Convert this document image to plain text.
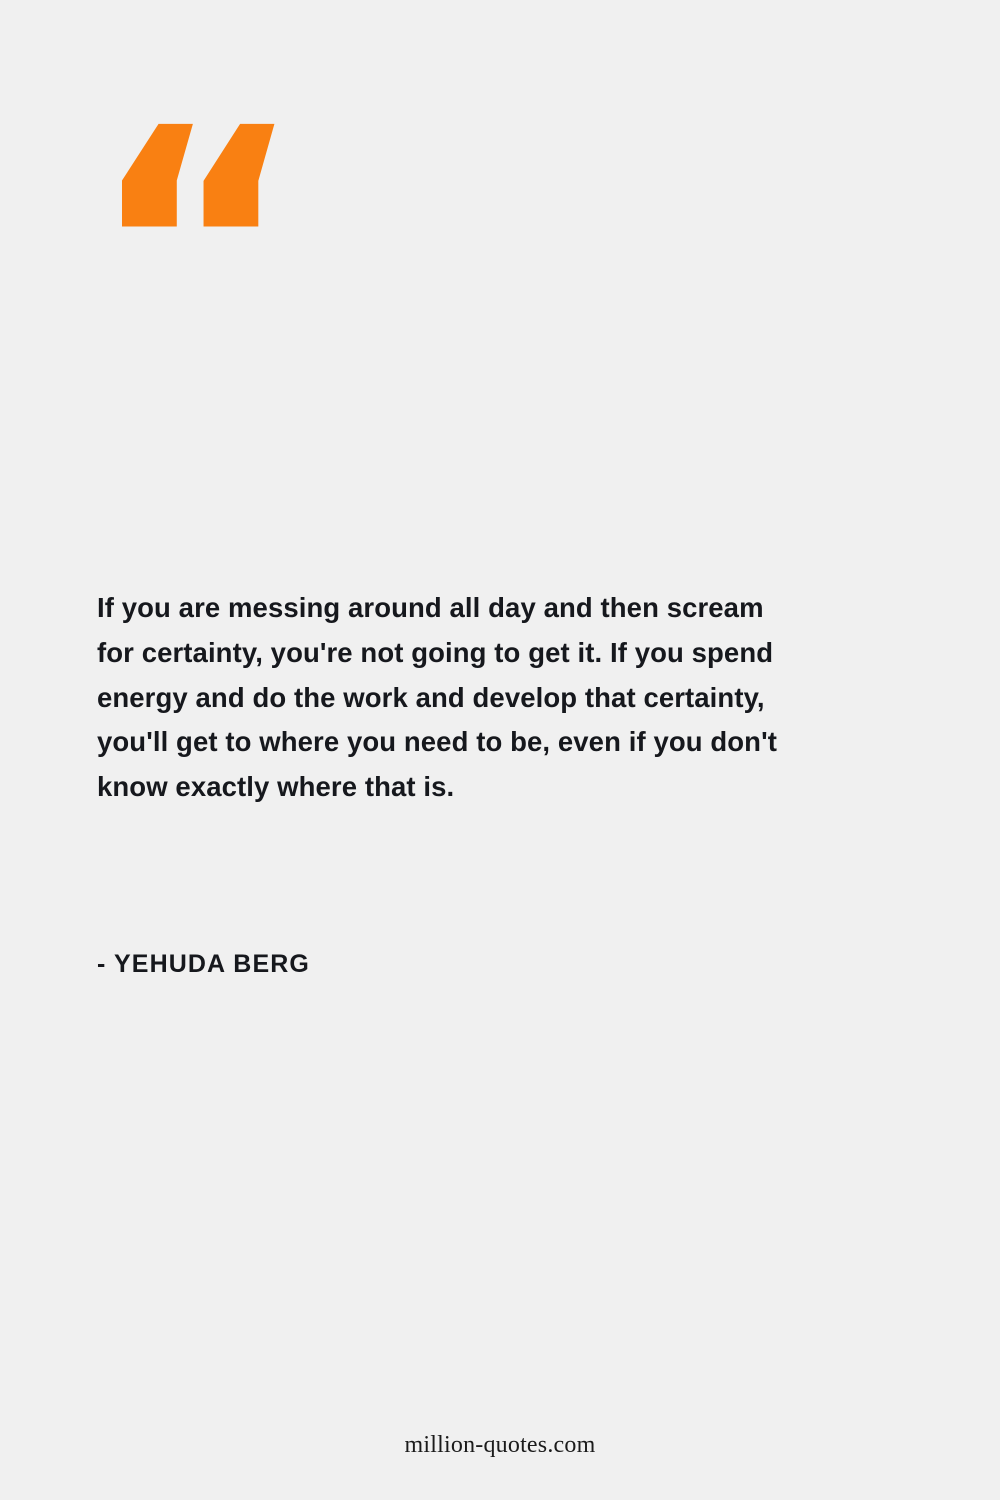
“
If you are messing around all day and then scream for certainty, you're not going to get it. If you spend energy and do the work and develop that certainty, you'll get to where you need to be, even if you don't know exactly where that is.
- YEHUDA BERG
million-quotes.com
